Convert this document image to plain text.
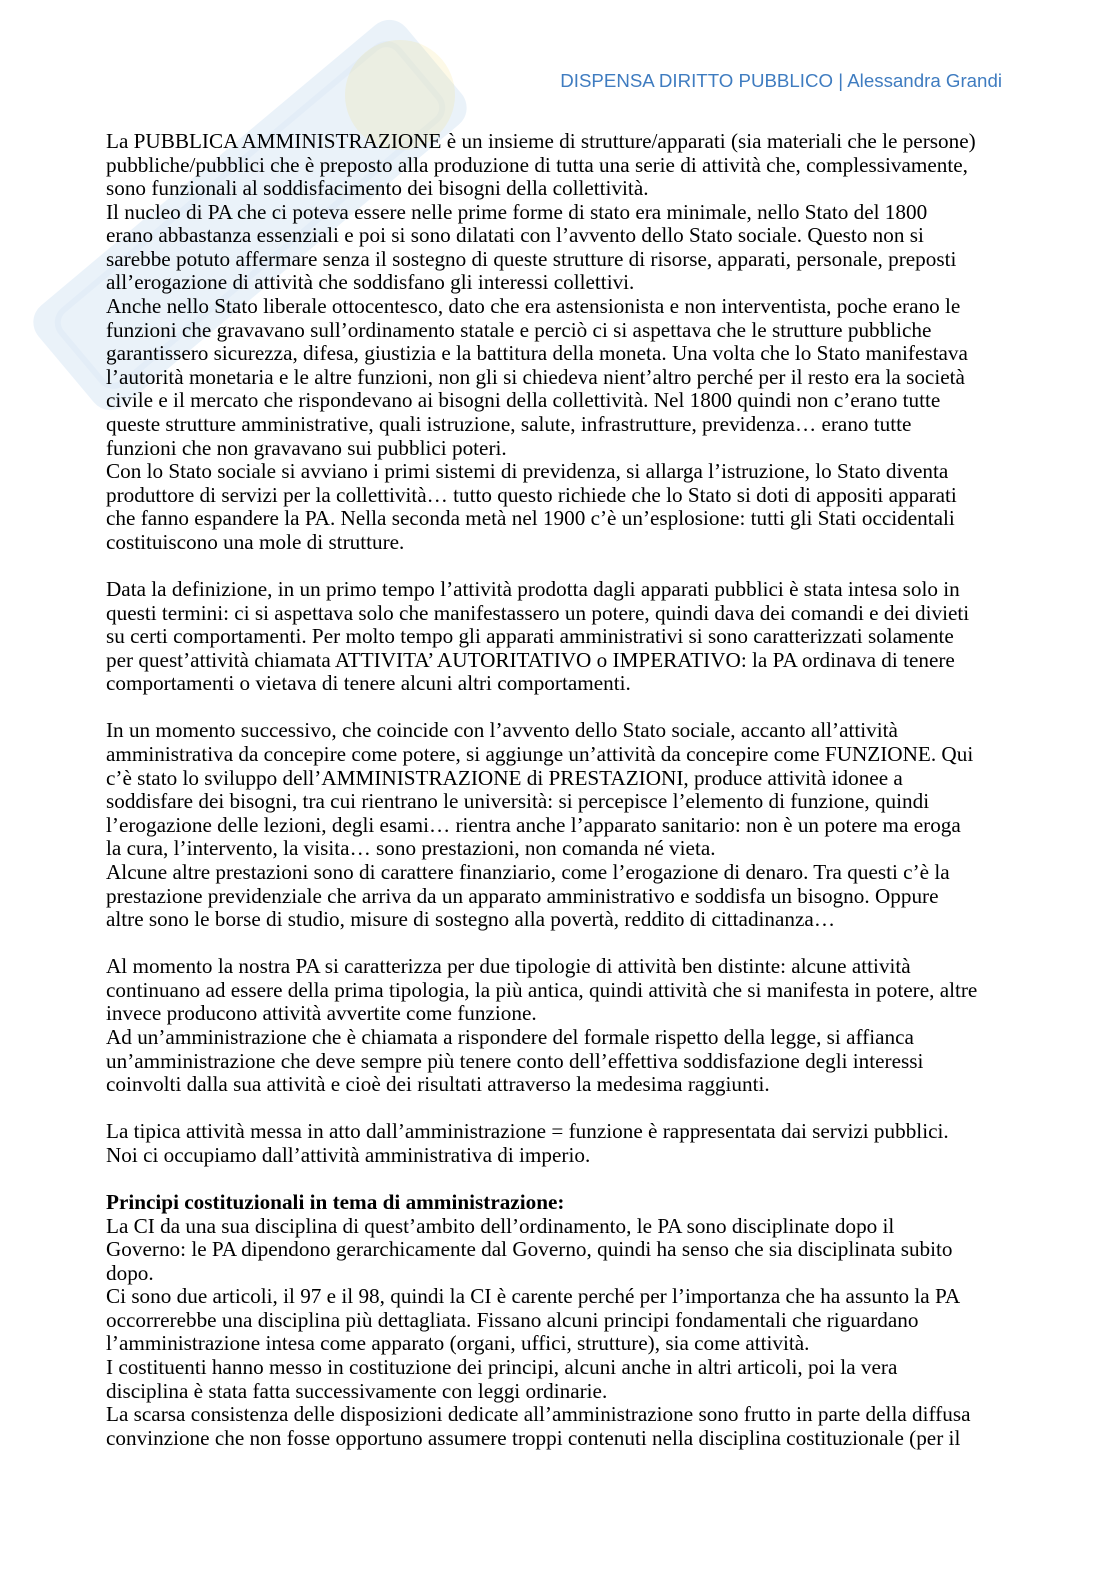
DISPENSA DIRITTO PUBBLICO | Alessandra Grandi
La PUBBLICA AMMINISTRAZIONE è un insieme di strutture/apparati (sia materiali che le persone)
pubbliche/pubblici che è preposto alla produzione di tutta una serie di attività che, complessivamente,
sono funzionali al soddisfacimento dei bisogni della collettività.
Il nucleo di PA che ci poteva essere nelle prime forme di stato era minimale, nello Stato del 1800
erano abbastanza essenziali e poi si sono dilatati con l’avvento dello Stato sociale. Questo non si
sarebbe potuto affermare senza il sostegno di queste strutture di risorse, apparati, personale, preposti
all’erogazione di attività che soddisfano gli interessi collettivi.
Anche nello Stato liberale ottocentesco, dato che era astensionista e non interventista, poche erano le
funzioni che gravavano sull’ordinamento statale e perciò ci si aspettava che le strutture pubbliche
garantissero sicurezza, difesa, giustizia e la battitura della moneta. Una volta che lo Stato manifestava
l’autorità monetaria e le altre funzioni, non gli si chiedeva nient’altro perché per il resto era la società
civile e il mercato che rispondevano ai bisogni della collettività. Nel 1800 quindi non c’erano tutte
queste strutture amministrative, quali istruzione, salute, infrastrutture, previdenza… erano tutte
funzioni che non gravavano sui pubblici poteri.
Con lo Stato sociale si avviano i primi sistemi di previdenza, si allarga l’istruzione, lo Stato diventa
produttore di servizi per la collettività… tutto questo richiede che lo Stato si doti di appositi apparati
che fanno espandere la PA. Nella seconda metà nel 1900 c’è un’esplosione: tutti gli Stati occidentali
costituiscono una mole di strutture.
Data la definizione, in un primo tempo l’attività prodotta dagli apparati pubblici è stata intesa solo in
questi termini: ci si aspettava solo che manifestassero un potere, quindi dava dei comandi e dei divieti
su certi comportamenti. Per molto tempo gli apparati amministrativi si sono caratterizzati solamente
per quest’attività chiamata ATTIVITA’ AUTORITATIVO o IMPERATIVO: la PA ordinava di tenere
comportamenti o vietava di tenere alcuni altri comportamenti.
In un momento successivo, che coincide con l’avvento dello Stato sociale, accanto all’attività
amministrativa da concepire come potere, si aggiunge un’attività da concepire come FUNZIONE. Qui
c’è stato lo sviluppo dell’AMMINISTRAZIONE di PRESTAZIONI, produce attività idonee a
soddisfare dei bisogni, tra cui rientrano le università: si percepisce l’elemento di funzione, quindi
l’erogazione delle lezioni, degli esami… rientra anche l’apparato sanitario: non è un potere ma eroga
la cura, l’intervento, la visita… sono prestazioni, non comanda né vieta.
Alcune altre prestazioni sono di carattere finanziario, come l’erogazione di denaro. Tra questi c’è la
prestazione previdenziale che arriva da un apparato amministrativo e soddisfa un bisogno. Oppure
altre sono le borse di studio, misure di sostegno alla povertà, reddito di cittadinanza…
Al momento la nostra PA si caratterizza per due tipologie di attività ben distinte: alcune attività
continuano ad essere della prima tipologia, la più antica, quindi attività che si manifesta in potere, altre
invece producono attività avvertite come funzione.
Ad un’amministrazione che è chiamata a rispondere del formale rispetto della legge, si affianca
un’amministrazione che deve sempre più tenere conto dell’effettiva soddisfazione degli interessi
coinvolti dalla sua attività e cioè dei risultati attraverso la medesima raggiunti.
La tipica attività messa in atto dall’amministrazione = funzione è rappresentata dai servizi pubblici.
Noi ci occupiamo dall’attività amministrativa di imperio.
Principi costituzionali in tema di amministrazione:
La CI da una sua disciplina di quest’ambito dell’ordinamento, le PA sono disciplinate dopo il
Governo: le PA dipendono gerarchicamente dal Governo, quindi ha senso che sia disciplinata subito
dopo.
Ci sono due articoli, il 97 e il 98, quindi la CI è carente perché per l’importanza che ha assunto la PA
occorrerebbe una disciplina più dettagliata. Fissano alcuni principi fondamentali che riguardano
l’amministrazione intesa come apparato (organi, uffici, strutture), sia come attività.
I costituenti hanno messo in costituzione dei principi, alcuni anche in altri articoli, poi la vera
disciplina è stata fatta successivamente con leggi ordinarie.
La scarsa consistenza delle disposizioni dedicate all’amministrazione sono frutto in parte della diffusa
convinzione che non fosse opportuno assumere troppi contenuti nella disciplina costituzionale (per il
